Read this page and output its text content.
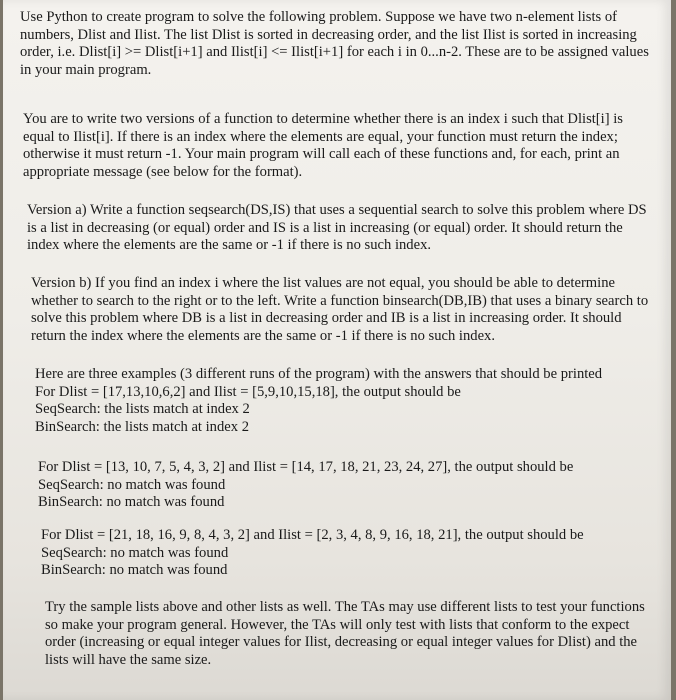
Use Python to create program to solve the following problem. Suppose we have two n-element lists of numbers, Dlist and Ilist. The list Dlist is sorted in decreasing order, and the list Ilist is sorted in increasing order, i.e. Dlist[i] >= Dlist[i+1] and Ilist[i] <= Ilist[i+1] for each i in 0...n-2. These are to be assigned values in your main program.

You are to write two versions of a function to determine whether there is an index i such that Dlist[i] is equal to Ilist[i]. If there is an index where the elements are equal, your function must return the index; otherwise it must return -1. Your main program will call each of these functions and, for each, print an appropriate message (see below for the format).

Version a) Write a function seqsearch(DS,IS) that uses a sequential search to solve this problem where DS is a list in decreasing (or equal) order and IS is a list in increasing (or equal) order. It should return the index where the elements are the same or -1 if there is no such index.

Version b) If you find an index i where the list values are not equal, you should be able to determine whether to search to the right or to the left. Write a function binsearch(DB,IB) that uses a binary search to solve this problem where DB is a list in decreasing order and IB is a list in increasing order. It should return the index where the elements are the same or -1 if there is no such index.

Here are three examples (3 different runs of the program) with the answers that should be printed
For Dlist = [17,13,10,6,2] and Ilist = [5,9,10,15,18], the output should be
SeqSearch: the lists match at index 2
BinSearch: the lists match at index 2
For Dlist = [13, 10, 7, 5, 4, 3, 2] and Ilist = [14, 17, 18, 21, 23, 24, 27], the output should be
SeqSearch: no match was found
BinSearch: no match was found
For Dlist = [21, 18, 16, 9, 8, 4, 3, 2] and Ilist = [2, 3, 4, 8, 9, 16, 18, 21], the output should be
SeqSearch: no match was found
BinSearch: no match was found

Try the sample lists above and other lists as well. The TAs may use different lists to test your functions so make your program general. However, the TAs will only test with lists that conform to the expect order (increasing or equal integer values for Ilist, decreasing or equal integer values for Dlist) and the lists will have the same size.
